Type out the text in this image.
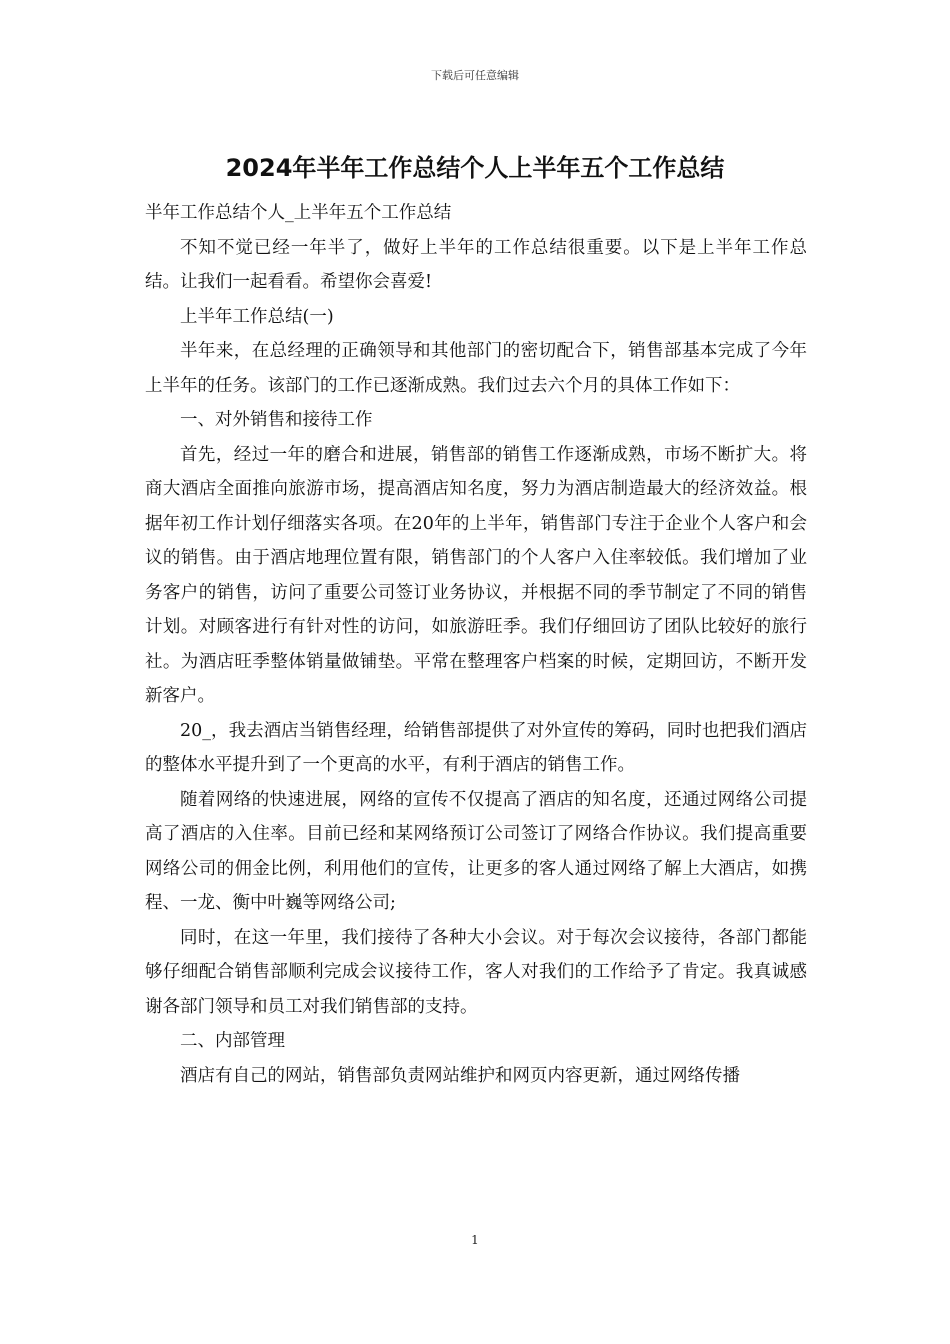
下载后可任意编辑
2024年半年工作总结个人上半年五个工作总结

半年工作总结个人_上半年五个工作总结

不知不觉已经一年半了，做好上半年的工作总结很重要。以下是上半年工作总结。让我们一起看看。希望你会喜爱!

上半年工作总结(一)

半年来，在总经理的正确领导和其他部门的密切配合下，销售部基本完成了今年上半年的任务。该部门的工作已逐渐成熟。我们过去六个月的具体工作如下：

一、对外销售和接待工作

首先，经过一年的磨合和进展，销售部的销售工作逐渐成熟，市场不断扩大。将商大酒店全面推向旅游市场，提高酒店知名度，努力为酒店制造最大的经济效益。根据年初工作计划仔细落实各项。在20年的上半年，销售部门专注于企业个人客户和会议的销售。由于酒店地理位置有限，销售部门的个人客户入住率较低。我们增加了业务客户的销售，访问了重要公司签订业务协议，并根据不同的季节制定了不同的销售计划。对顾客进行有针对性的访问，如旅游旺季。我们仔细回访了团队比较好的旅行社。为酒店旺季整体销量做铺垫。平常在整理客户档案的时候，定期回访，不断开发新客户。

20_，我去酒店当销售经理，给销售部提供了对外宣传的筹码，同时也把我们酒店的整体水平提升到了一个更高的水平，有利于酒店的销售工作。

随着网络的快速进展，网络的宣传不仅提高了酒店的知名度，还通过网络公司提高了酒店的入住率。目前已经和某网络预订公司签订了网络合作协议。我们提高重要网络公司的佣金比例，利用他们的宣传，让更多的客人通过网络了解上大酒店，如携程、一龙、衡中叶巍等网络公司;

同时，在这一年里，我们接待了各种大小会议。对于每次会议接待，各部门都能够仔细配合销售部顺利完成会议接待工作，客人对我们的工作给予了肯定。我真诚感谢各部门领导和员工对我们销售部的支持。

二、内部管理

酒店有自己的网站，销售部负责网站维护和网页内容更新，通过网络传播

1
